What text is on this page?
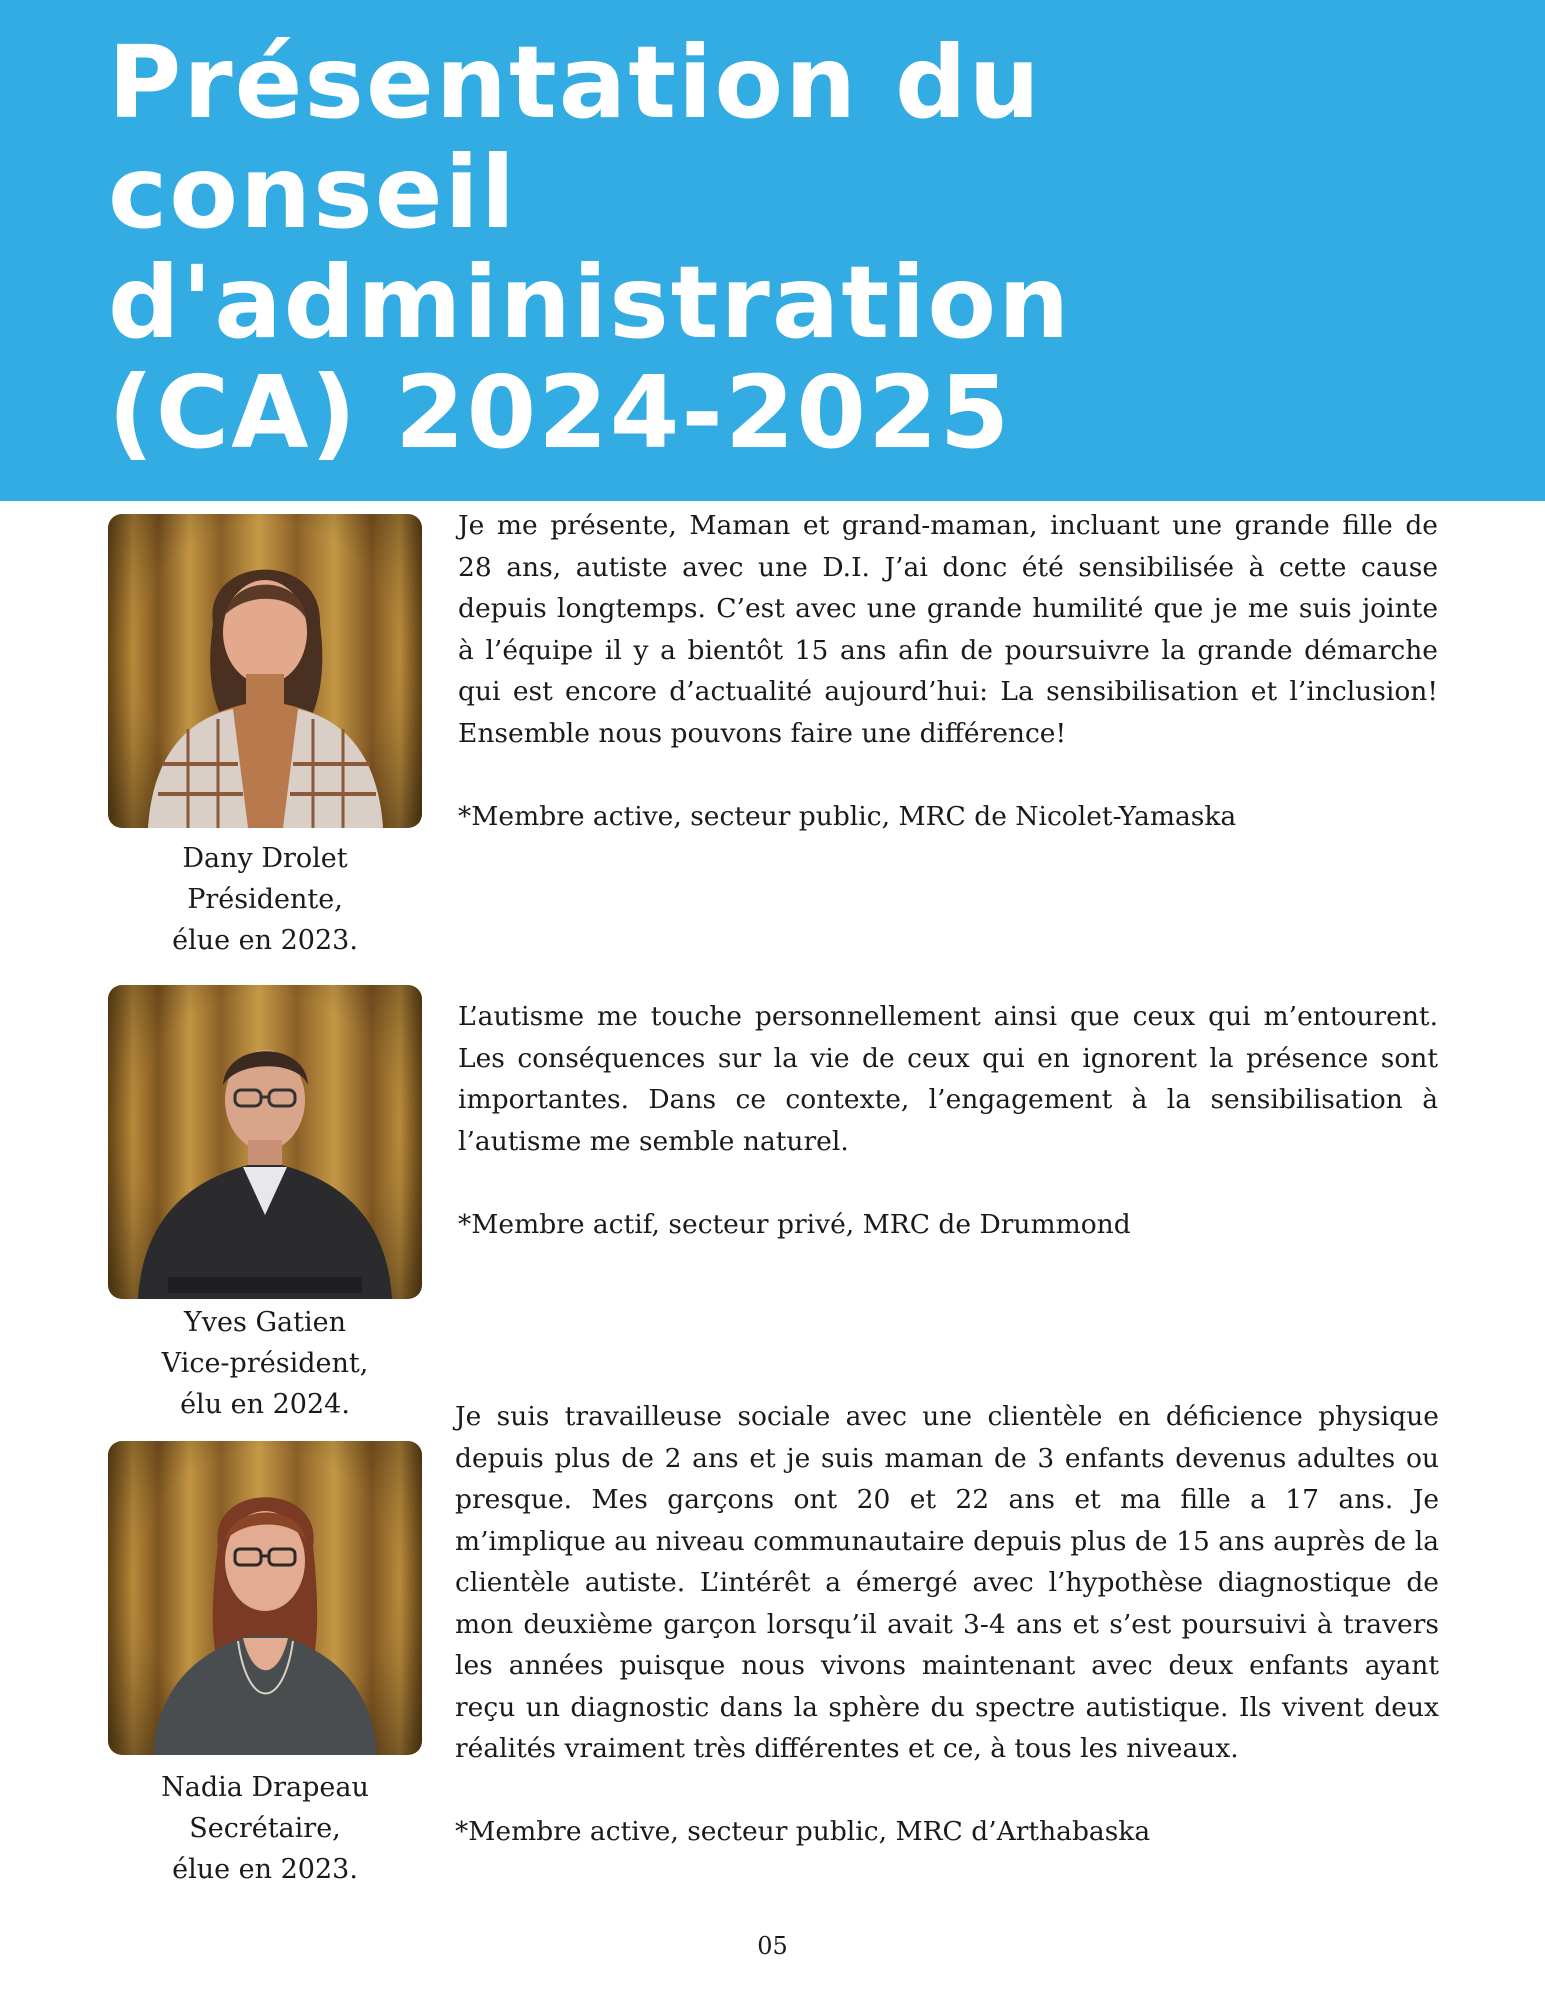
Présentation du
conseil
d'administration
(CA) 2024-2025
Dany Drolet
Présidente,
élue en 2023.

Je me présente, Maman et grand-maman, incluant une grande fille de 28 ans, autiste avec une D.I. J’ai donc été sensibilisée à cette cause depuis longtemps. C’est avec une grande humilité que je me suis jointe à l’équipe il y a bientôt 15 ans afin de poursuivre la grande démarche qui est encore d’actualité aujourd’hui: La sensibilisation et l’inclusion! Ensemble nous pouvons faire une différence!

*Membre active, secteur public, MRC de Nicolet-Yamaska

Yves Gatien
Vice-président,
élu en 2024.

L’autisme me touche personnellement ainsi que ceux qui m’entourent. Les conséquences sur la vie de ceux qui en ignorent la présence sont importantes. Dans ce contexte, l’engagement à la sensibilisation à l’autisme me semble naturel.

*Membre actif, secteur privé, MRC de Drummond

Nadia Drapeau
Secrétaire,
élue en 2023.

Je suis travailleuse sociale avec une clientèle en déficience physique depuis plus de 2 ans et je suis maman de 3 enfants devenus adultes ou presque. Mes garçons ont 20 et 22 ans et ma fille a 17 ans. Je m’implique au niveau communautaire depuis plus de 15 ans auprès de la clientèle autiste. L’intérêt a émergé avec l’hypothèse diagnostique de mon deuxième garçon lorsqu’il avait 3-4 ans et s’est poursuivi à travers les années puisque nous vivons maintenant avec deux enfants ayant reçu un diagnostic dans la sphère du spectre autistique. Ils vivent deux réalités vraiment très différentes et ce, à tous les niveaux.

*Membre active, secteur public, MRC d’Arthabaska

05
